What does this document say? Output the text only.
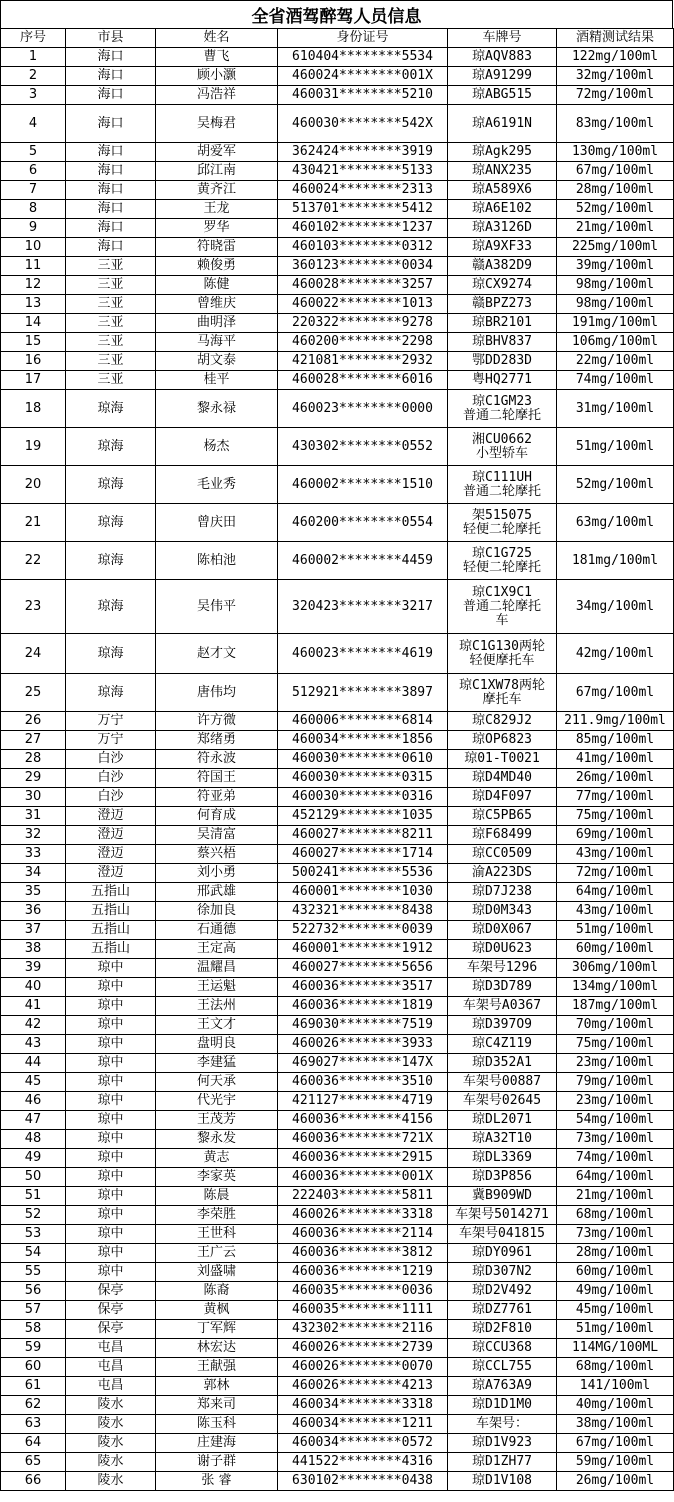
全省酒驾醉驾人员信息
序号	市县	姓名	身份证号	车牌号	酒精测试结果
1	海口	曹飞	610404********5534	琼AQV883	122mg/100ml
2	海口	顾小灏	460024********001X	琼A91299	32mg/100ml
3	海口	冯浩祥	460031********5210	琼ABG515	72mg/100ml
4	海口	吴梅君	460030********542X	琼A6191N	83mg/100ml
5	海口	胡爱军	362424********3919	琼Agk295	130mg/100ml
6	海口	邱江南	430421********5133	琼ANX235	67mg/100ml
7	海口	黄齐江	460024********2313	琼A589X6	28mg/100ml
8	海口	王龙	513701********5412	琼A6E102	52mg/100ml
9	海口	罗华	460102********1237	琼A3126D	21mg/100ml
10	海口	符晓雷	460103********0312	琼A9XF33	225mg/100ml
11	三亚	赖俊勇	360123********0034	赣A382D9	39mg/100ml
12	三亚	陈健	460028********3257	琼CX9274	98mg/100ml
13	三亚	曾维庆	460022********1013	赣BPZ273	98mg/100ml
14	三亚	曲明泽	220322********9278	琼BR2101	191mg/100ml
15	三亚	马海平	460200********2298	琼BHV837	106mg/100ml
16	三亚	胡文泰	421081********2932	鄂DD283D	22mg/100ml
17	三亚	桂平	460028********6016	粤HQ2771	74mg/100ml
18	琼海	黎永禄	460023********0000	琼C1GM23
普通二轮摩托	31mg/100ml
19	琼海	杨杰	430302********0552	湘CU0662
小型轿车	51mg/100ml
20	琼海	毛业秀	460002********1510	琼C111UH
普通二轮摩托	52mg/100ml
21	琼海	曾庆田	460200********0554	架515075
轻便二轮摩托	63mg/100ml
22	琼海	陈柏池	460002********4459	琼C1G725
轻便二轮摩托	181mg/100ml
23	琼海	吴伟平	320423********3217	琼C1X9C1
普通二轮摩托
车	34mg/100ml
24	琼海	赵才文	460023********4619	琼C1G130两轮
轻便摩托车	42mg/100ml
25	琼海	唐伟均	512921********3897	琼C1XW78两轮
摩托车	67mg/100ml
26	万宁	许方微	460006********6814	琼C829J2	211.9mg/100ml
27	万宁	郑绪勇	460034********1856	琼OP6823	85mg/100ml
28	白沙	符永波	460030********0610	琼01-T0021	41mg/100ml
29	白沙	符国王	460030********0315	琼D4MD40	26mg/100ml
30	白沙	符亚弟	460030********0316	琼D4F097	77mg/100ml
31	澄迈	何育成	452129********1035	琼C5PB65	75mg/100ml
32	澄迈	吴清富	460027********8211	琼F68499	69mg/100ml
33	澄迈	蔡兴梧	460027********1714	琼CC0509	43mg/100ml
34	澄迈	刘小勇	500241********5536	渝A223DS	72mg/100ml
35	五指山	邢武雄	460001********1030	琼D7J238	64mg/100ml
36	五指山	徐加良	432321********8438	琼D0M343	43mg/100ml
37	五指山	石通德	522732********0039	琼D0X067	51mg/100ml
38	五指山	王定高	460001********1912	琼D0U623	60mg/100ml
39	琼中	温耀昌	460027********5656	车架号1296	306mg/100ml
40	琼中	王运魁	460036********3517	琼D3D789	134mg/100ml
41	琼中	王法州	460036********1819	车架号A0367	187mg/100ml
42	琼中	王文才	469030********7519	琼D397O9	70mg/100ml
43	琼中	盘明良	460026********3933	琼C4Z119	75mg/100ml
44	琼中	李建猛	469027********147X	琼D352A1	23mg/100ml
45	琼中	何天承	460036********3510	车架号00887	79mg/100ml
46	琼中	代光宇	421127********4719	车架号02645	23mg/100ml
47	琼中	王茂芳	460036********4156	琼DL2071	54mg/100ml
48	琼中	黎永发	460036********721X	琼A32T10	73mg/100ml
49	琼中	黄志	460036********2915	琼DL3369	74mg/100ml
50	琼中	李家英	460036********001X	琼D3P856	64mg/100ml
51	琼中	陈晨	222403********5811	冀B909WD	21mg/100ml
52	琼中	李荣胜	460026********3318	车架号5014271	68mg/100ml
53	琼中	王世科	460036********2114	车架号041815	73mg/100ml
54	琼中	王广云	460036********3812	琼DY0961	28mg/100ml
55	琼中	刘盛啸	460036********1219	琼D307N2	60mg/100ml
56	保亭	陈裔	460035********0036	琼D2V492	49mg/100ml
57	保亭	黄枫	460035********1111	琼DZ7761	45mg/100ml
58	保亭	丁军辉	432302********2116	琼D2F810	51mg/100ml
59	屯昌	林宏达	460026********2739	琼CCU368	114MG/100ML
60	屯昌	王献强	460026********0070	琼CCL755	68mg/100ml
61	屯昌	郭林	460026********4213	琼A763A9	141/100ml
62	陵水	郑来司	460034********3318	琼D1D1M0	40mg/100ml
63	陵水	陈玉科	460034********1211	车架号：	38mg/100ml
64	陵水	庄建海	460034********0572	琼D1V923	67mg/100ml
65	陵水	谢子群	441522********4316	琼D1ZH77	59mg/100ml
66	陵水	张 睿	630102********0438	琼D1V108	26mg/100ml
